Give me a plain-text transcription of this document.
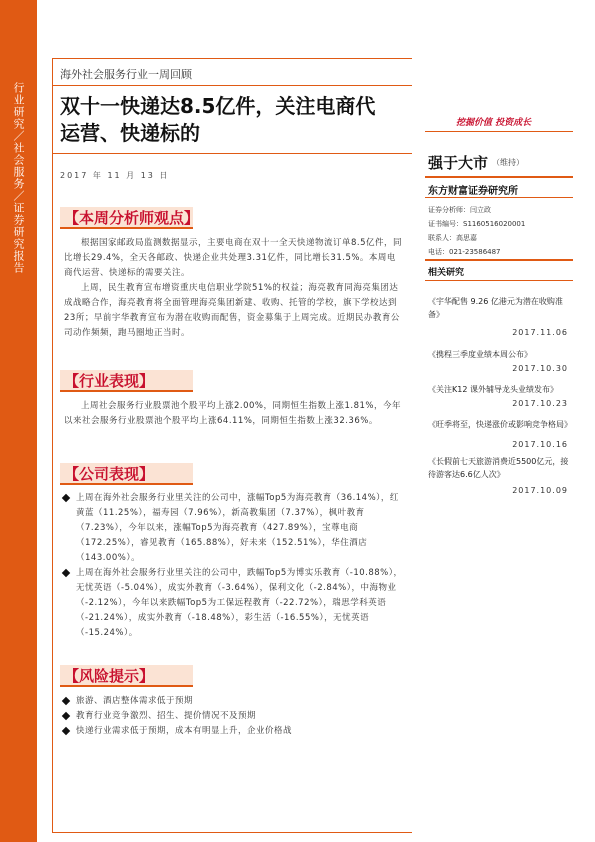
行业研究／社会服务／证券研究报告
海外社会服务行业一周回顾
双十一快递达8.5亿件，关注电商代运营、快递标的
2017 年 11 月 13 日
【本周分析师观点】
根据国家邮政局监测数据显示，主要电商在双十一全天快递物流订单8.5亿件，同比增长29.4%，全天各邮政、快递企业共处理3.31亿件，同比增长31.5%。本周电商代运营、快递标的需要关注。
上周，民生教育宣布增资重庆电信职业学院51%的权益；海亮教育同海亮集团达成战略合作，海亮教育将全面管理海亮集团新建、收购、托管的学校，旗下学校达到23所；早前宇华教育宣布为潜在收购而配售，资金募集于上周完成。近期民办教育公司动作频频，跑马圈地正当时。
【行业表现】
上周社会服务行业股票池个股平均上涨2.00%，同期恒生指数上涨1.81%，今年以来社会服务行业股票池个股平均上涨64.11%，同期恒生指数上涨32.36%。
【公司表现】
上周在海外社会服务行业里关注的公司中，涨幅Top5为海亮教育（36.14%），红黄蓝（11.25%），福寿园（7.96%），新高教集团（7.37%），枫叶教育（7.23%），今年以来，涨幅Top5为海亮教育（427.89%），宝尊电商（172.25%），睿见教育（165.88%），好未来（152.51%），华住酒店（143.00%）。
上周在海外社会服务行业里关注的公司中，跌幅Top5为博实乐教育（-10.88%），无忧英语（-5.04%），成实外教育（-3.64%），保利文化（-2.84%），中海物业（-2.12%），今年以来跌幅Top5为工保远程教育（-22.72%），瑞思学科英语（-21.24%），成实外教育（-18.48%），彩生活（-16.55%），无忧英语（-15.24%）。
【风险提示】
旅游、酒店整体需求低于预期
教育行业竞争激烈、招生、提价情况不及预期
快递行业需求低于预期，成本有明显上升，企业价格战
挖掘价值 投资成长
强于大市 （维持）
东方财富证券研究所
证券分析师：闫立政
证书编号：S1160516020001
联系人：高思嘉
电话：021-23586487
相关研究
《宇华配售 9.26 亿港元为潜在收购准备》
2017.11.06
《携程三季度业绩本周公布》
2017.10.30
《关注K12 课外辅导龙头业绩发布》
2017.10.23
《旺季将至，快递涨价或影响竞争格局》
2017.10.16
《长假前七天旅游消费近5500亿元，接待游客达6.6亿人次》
2017.10.09
